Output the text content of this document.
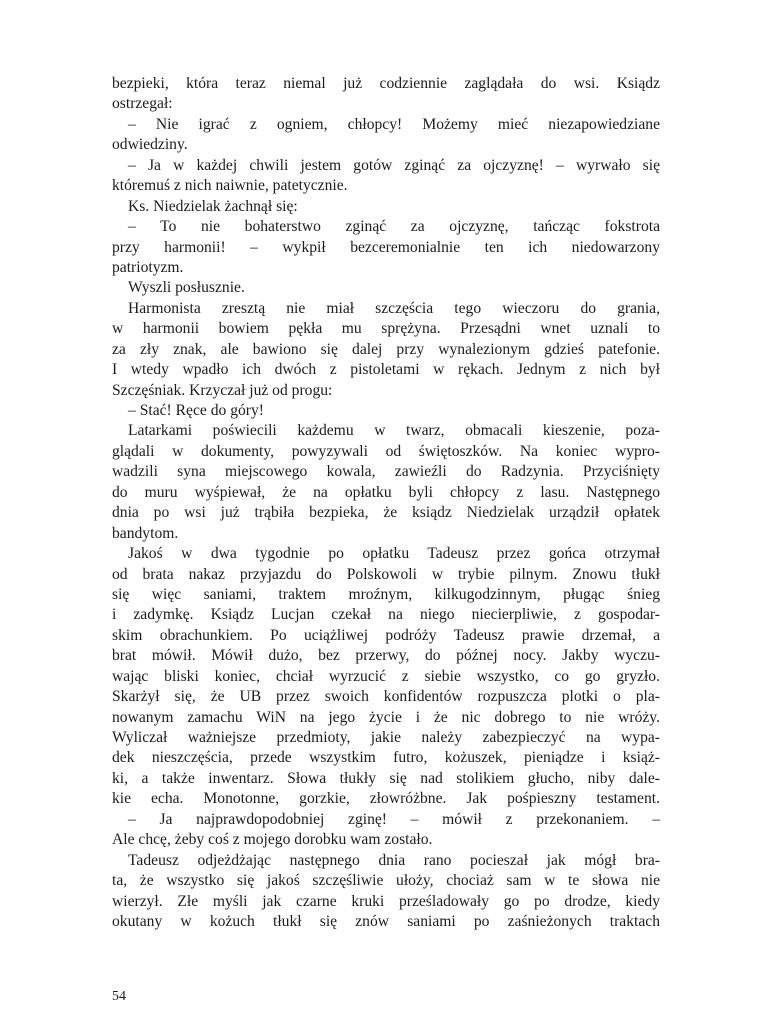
bezpieki, która teraz niemal już codziennie zaglądała do wsi. Ksiądz
ostrzegał:
– Nie igrać z ogniem, chłopcy! Możemy mieć niezapowiedziane
odwiedziny.
– Ja w każdej chwili jestem gotów zginąć za ojczyznę! – wyrwało się
któremuś z nich naiwnie, patetycznie.
Ks. Niedzielak żachnął się:
– To nie bohaterstwo zginąć za ojczyznę, tańcząc fokstrota
przy harmonii! – wykpił bezceremonialnie ten ich niedowarzony
patriotyzm.
Wyszli posłusznie.
Harmonista zresztą nie miał szczęścia tego wieczoru do grania,
w harmonii bowiem pękła mu sprężyna. Przesądni wnet uznali to
za zły znak, ale bawiono się dalej przy wynalezionym gdzieś patefonie.
I wtedy wpadło ich dwóch z pistoletami w rękach. Jednym z nich był
Szczęśniak. Krzyczał już od progu:
– Stać! Ręce do góry!
Latarkami poświecili każdemu w twarz, obmacali kieszenie, poza-
glądali w dokumenty, powyzywali od świętoszków. Na koniec wypro-
wadzili syna miejscowego kowala, zawieźli do Radzynia. Przyciśnięty
do muru wyśpiewał, że na opłatku byli chłopcy z lasu. Następnego
dnia po wsi już trąbiła bezpieka, że ksiądz Niedzielak urządził opłatek
bandytom.
Jakoś w dwa tygodnie po opłatku Tadeusz przez gońca otrzymał
od brata nakaz przyjazdu do Polskowoli w trybie pilnym. Znowu tłukł
się więc saniami, traktem mroźnym, kilkugodzinnym, pługąc śnieg
i zadymkę. Ksiądz Lucjan czekał na niego niecierpliwie, z gospodar-
skim obrachunkiem. Po uciążliwej podróży Tadeusz prawie drzemał, a
brat mówił. Mówił dużo, bez przerwy, do późnej nocy. Jakby wyczu-
wając bliski koniec, chciał wyrzucić z siebie wszystko, co go gryzło.
Skarżył się, że UB przez swoich konfidentów rozpuszcza plotki o pla-
nowanym zamachu WiN na jego życie i że nic dobrego to nie wróży.
Wyliczał ważniejsze przedmioty, jakie należy zabezpieczyć na wypa-
dek nieszczęścia, przede wszystkim futro, kożuszek, pieniądze i książ-
ki, a także inwentarz. Słowa tłukły się nad stolikiem głucho, niby dale-
kie echa. Monotonne, gorzkie, złowróżbne. Jak pośpieszny testament.
– Ja najprawdopodobniej zginę! – mówił z przekonaniem. –
Ale chcę, żeby coś z mojego dorobku wam zostało.
Tadeusz odjeżdżając następnego dnia rano pocieszał jak mógł bra-
ta, że wszystko się jakoś szczęśliwie ułoży, chociaż sam w te słowa nie
wierzył. Złe myśli jak czarne kruki prześladowały go po drodze, kiedy
okutany w kożuch tłukł się znów saniami po zaśnieżonych traktach
54
